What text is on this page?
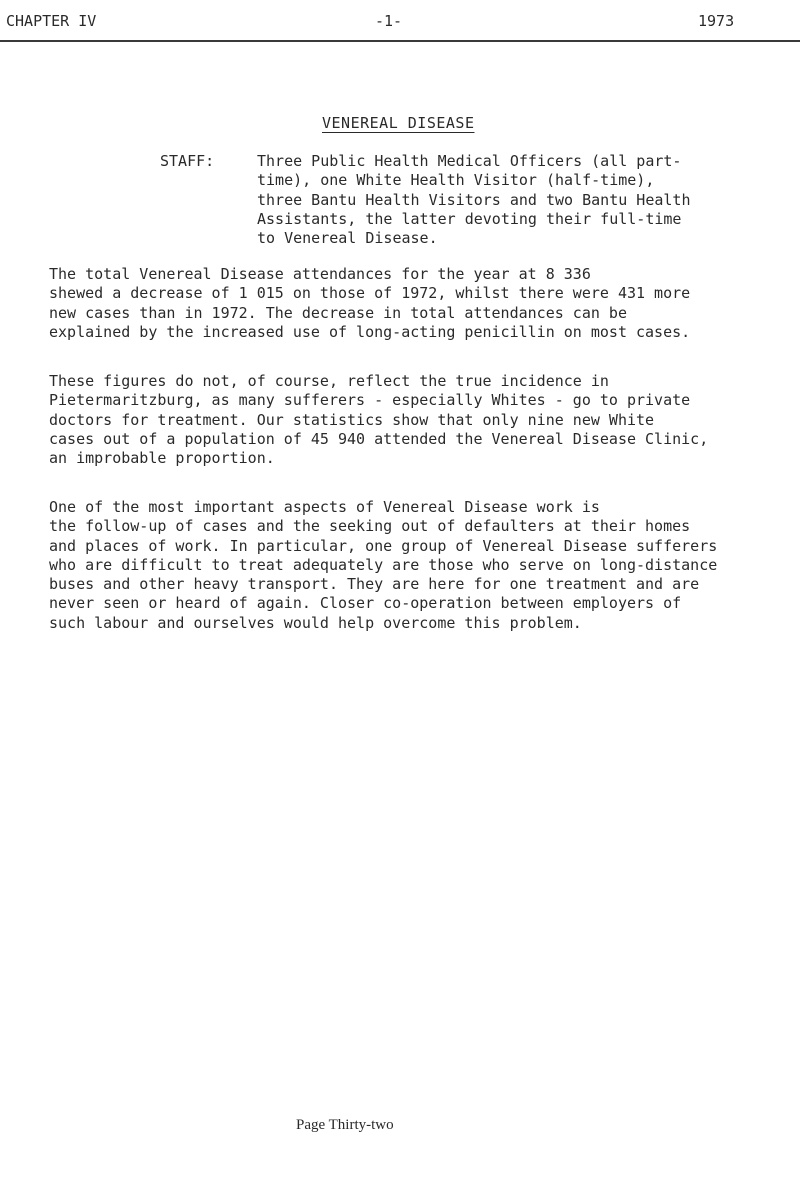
CHAPTER IV	-1-	1973
VENEREAL DISEASE
STAFF:	Three Public Health Medical Officers (all part-
time), one White Health Visitor (half-time),
three Bantu Health Visitors and two Bantu Health
Assistants, the latter devoting their full-time
to Venereal Disease.
The total Venereal Disease attendances for the year at 8 336
shewed a decrease of 1 015 on those of 1972, whilst there were 431 more
new cases than in 1972. The decrease in total attendances can be
explained by the increased use of long-acting penicillin on most cases.
These figures do not, of course, reflect the true incidence in
Pietermaritzburg, as many sufferers - especially Whites - go to private
doctors for treatment. Our statistics show that only nine new White
cases out of a population of 45 940 attended the Venereal Disease Clinic,
an improbable proportion.
One of the most important aspects of Venereal Disease work is
the follow-up of cases and the seeking out of defaulters at their homes
and places of work. In particular, one group of Venereal Disease sufferers
who are difficult to treat adequately are those who serve on long-distance
buses and other heavy transport. They are here for one treatment and are
never seen or heard of again. Closer co-operation between employers of
such labour and ourselves would help overcome this problem.
Page Thirty-two
